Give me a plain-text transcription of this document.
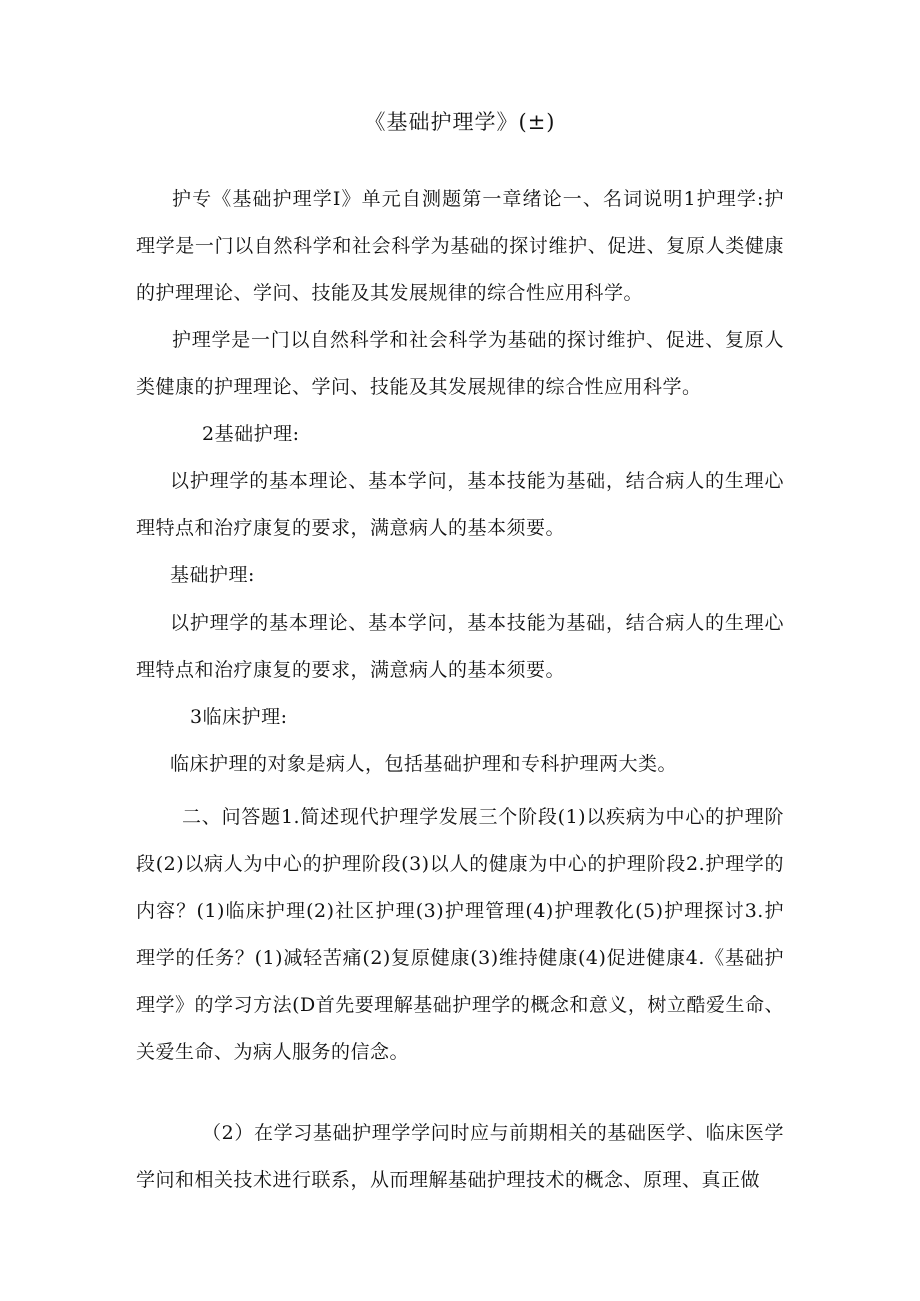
《基础护理学》(±)
护专《基础护理学I》单元自测题第一章绪论一、名词说明1护理学:护理学是一门以自然科学和社会科学为基础的探讨维护、促进、复原人类健康的护理理论、学问、技能及其发展规律的综合性应用科学。
护理学是一门以自然科学和社会科学为基础的探讨维护、促进、复原人类健康的护理理论、学问、技能及其发展规律的综合性应用科学。
2基础护理:
以护理学的基本理论、基本学问，基本技能为基础，结合病人的生理心理特点和治疗康复的要求，满意病人的基本须要。
基础护理:
以护理学的基本理论、基本学问，基本技能为基础，结合病人的生理心理特点和治疗康复的要求，满意病人的基本须要。
3临床护理:
临床护理的对象是病人，包括基础护理和专科护理两大类。
二、问答题1.简述现代护理学发展三个阶段(1)以疾病为中心的护理阶段(2)以病人为中心的护理阶段(3)以人的健康为中心的护理阶段2.护理学的内容？(1)临床护理(2)社区护理(3)护理管理(4)护理教化(5)护理探讨3.护理学的任务？(1)减轻苦痛(2)复原健康(3)维持健康(4)促进健康4.《基础护理学》的学习方法(D首先要理解基础护理学的概念和意义，树立酷爱生命、关爱生命、为病人服务的信念。
（2）在学习基础护理学学问时应与前期相关的基础医学、临床医学学问和相关技术进行联系，从而理解基础护理技术的概念、原理、真正做
